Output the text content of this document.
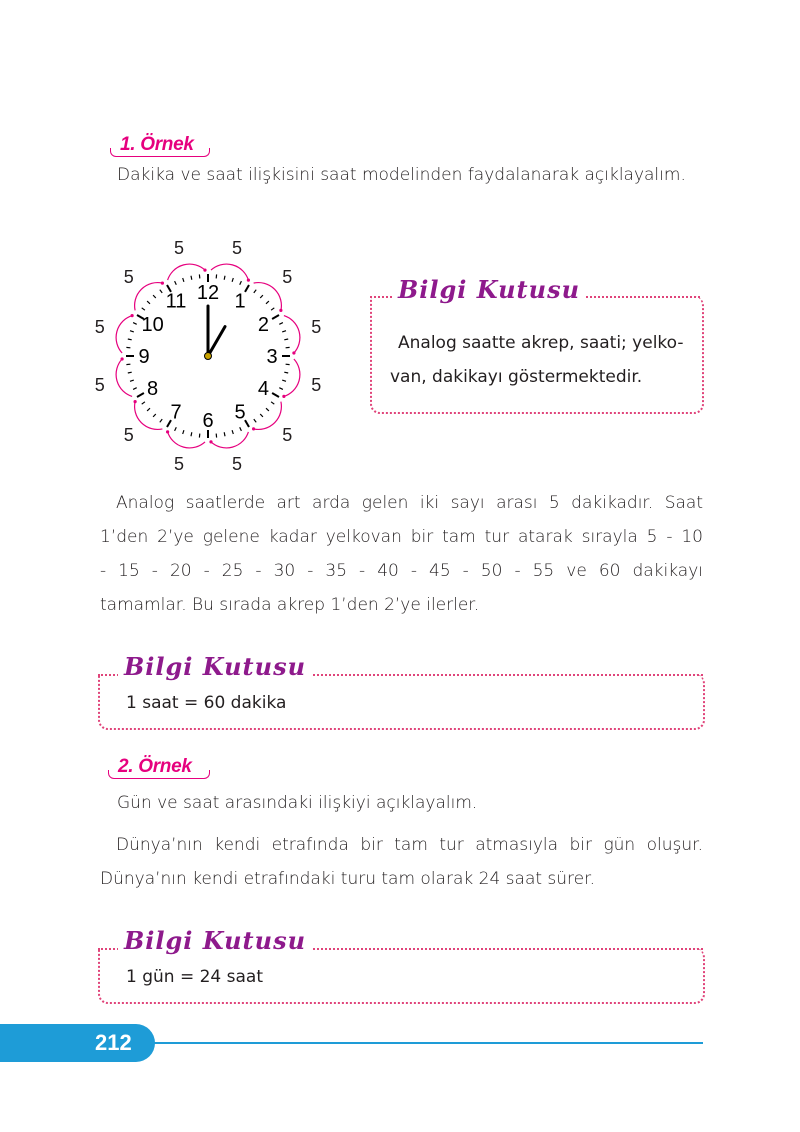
1. Örnek
Dakika ve saat ilişkisini saat modelinden faydalanarak açıklayalım.
12 1
2
3
4
5
6
7
8
9
10
11
5
5
5
5
5
5
5
5
5
5
5
5
Bilgi Kutusu
Analog saatte akrep, saati; yelko-
van, dakikayı göstermektedir.
Analog saatlerde art arda gelen iki sayı arası 5 dakikadır. Saat
1’den 2’ye gelene kadar yelkovan bir tam tur atarak sırayla 5 - 10
- 15 - 20 - 25 - 30 - 35 - 40 - 45 - 50 - 55 ve 60 dakikayı
tamamlar. Bu sırada akrep 1’den 2’ye ilerler.
Bilgi Kutusu
1 saat = 60 dakika
2. Örnek
Gün ve saat arasındaki ilişkiyi açıklayalım.
Dünya’nın kendi etrafında bir tam tur atmasıyla bir gün oluşur.
Dünya’nın kendi etrafındaki turu tam olarak 24 saat sürer.
Bilgi Kutusu
1 gün = 24 saat
212
